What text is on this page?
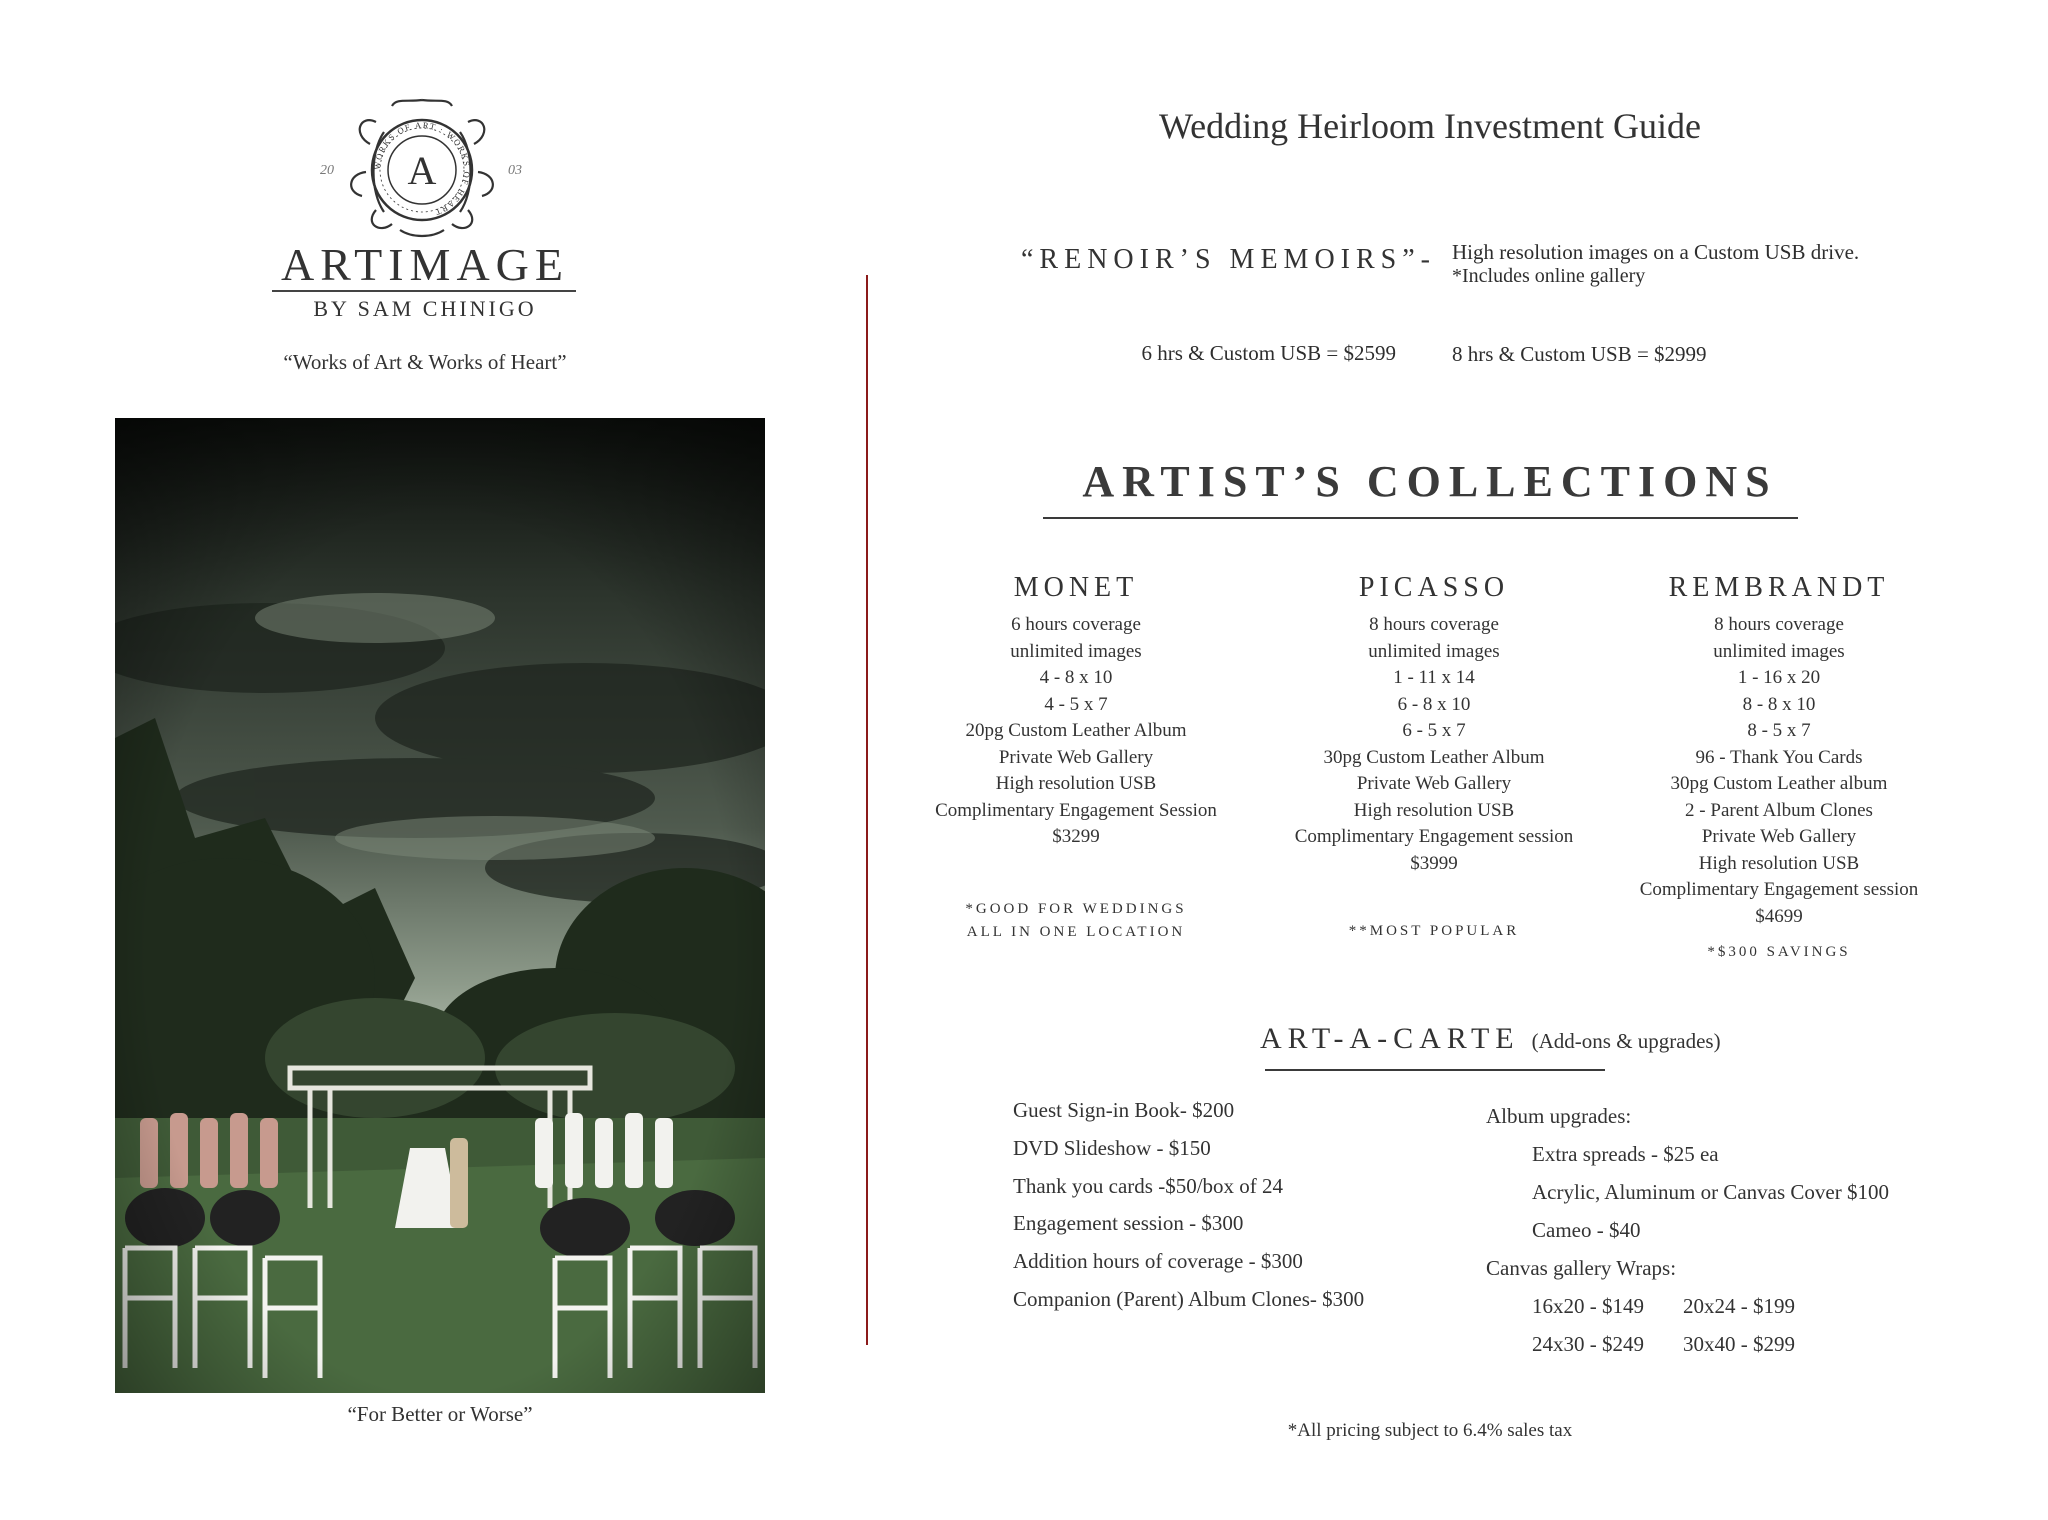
A
20	03
WORKS OF ART · WORKS OF HEART
ARTIMAGE
BY SAM CHINIGO
“Works of Art & Works of Heart”
“For Better or Worse”
Wedding Heirloom Investment Guide
“RENOIR’S MEMOIRS”- High resolution images on a Custom USB drive.
*Includes online gallery
6 hrs & Custom USB = $2599	8 hrs & Custom USB = $2999
ARTIST’S COLLECTIONS
MONET
6 hours coverage
unlimited images
4 - 8 x 10
4 - 5 x 7
20pg Custom Leather Album
Private Web Gallery
High resolution USB
Complimentary Engagement Session
$3299
*GOOD FOR WEDDINGS
ALL IN ONE LOCATION
PICASSO
8 hours coverage
unlimited images
1 - 11 x 14
6 - 8 x 10
6 - 5 x 7
30pg Custom Leather Album
Private Web Gallery
High resolution USB
Complimentary Engagement session
$3999
**MOST POPULAR
REMBRANDT
8 hours coverage
unlimited images
1 - 16 x 20
8 - 8 x 10
8 - 5 x 7
96 - Thank You Cards
30pg Custom Leather album
2 - Parent Album Clones
Private Web Gallery
High resolution USB
Complimentary Engagement session
$4699
*$300 SAVINGS
ART-A-CARTE (Add-ons & upgrades)
Guest Sign-in Book- $200
DVD Slideshow - $150
Thank you cards -$50/box of 24
Engagement session - $300
Addition hours of coverage - $300
Companion (Parent) Album Clones- $300
Album upgrades:
Extra spreads - $25 ea
Acrylic, Aluminum or Canvas Cover $100
Cameo - $40
Canvas gallery Wraps:
16x20 - $149 20x24 - $199
24x30 - $249 30x40 - $299
*All pricing subject to 6.4% sales tax
